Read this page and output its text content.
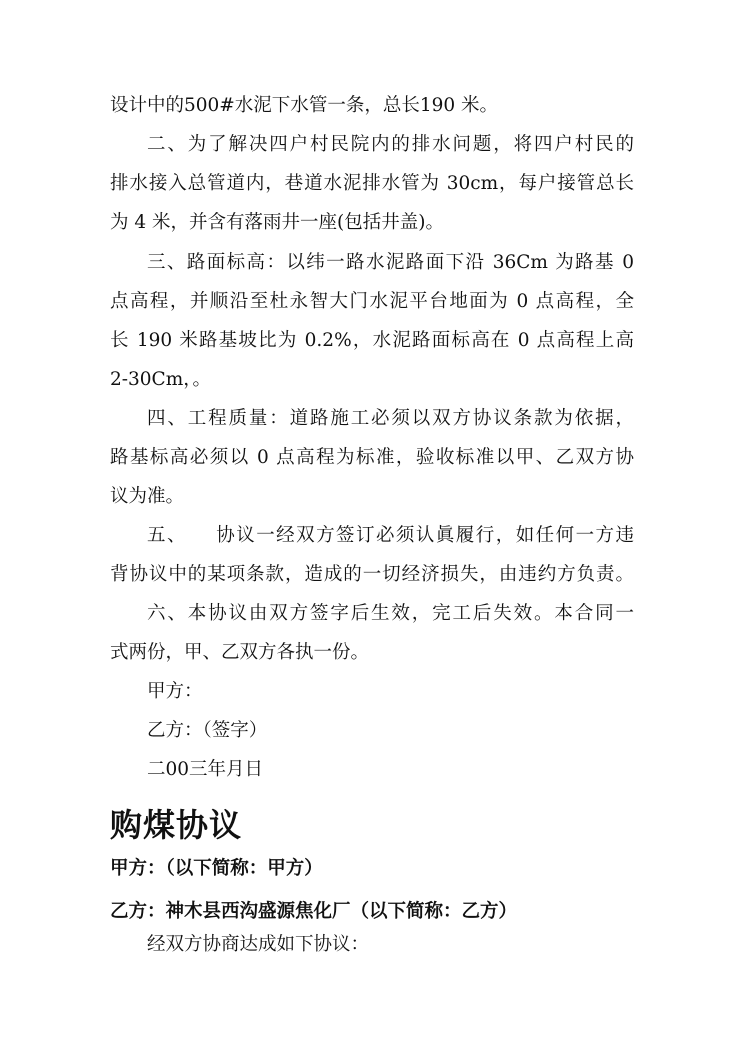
设计中的500#水泥下水管一条，总长190 米。
二、为了解决四户村民院内的排水问题，将四户村民的
排水接入总管道内，巷道水泥排水管为 30cm，每户接管总长
为 4 米，并含有落雨井一座(包括井盖)。
三、路面标高：以纬一路水泥路面下沿 36Cm 为路基 0
点高程，并顺沿至杜永智大门水泥平台地面为 0 点高程，全
长 190 米路基坡比为 0.2%，水泥路面标高在 0 点高程上高
2-30Cm，。
四、工程质量：道路施工必须以双方协议条款为依据，
路基标高必须以 0 点高程为标准，验收标准以甲、乙双方协
议为准。
五、    协议一经双方签订必须认眞履行，如任何一方违
背协议中的某项条款，造成的一切经济损失，由违约方负责。
六、本协议由双方签字后生效，完工后失效。本合同一
式两份，甲、乙双方各执一份。
甲方：
乙方：（签字）
二00三年月日
购煤协议
甲方：（以下简称：甲方）
乙方：神木县西沟盛源焦化厂（以下简称：乙方）
经双方协商达成如下协议：
